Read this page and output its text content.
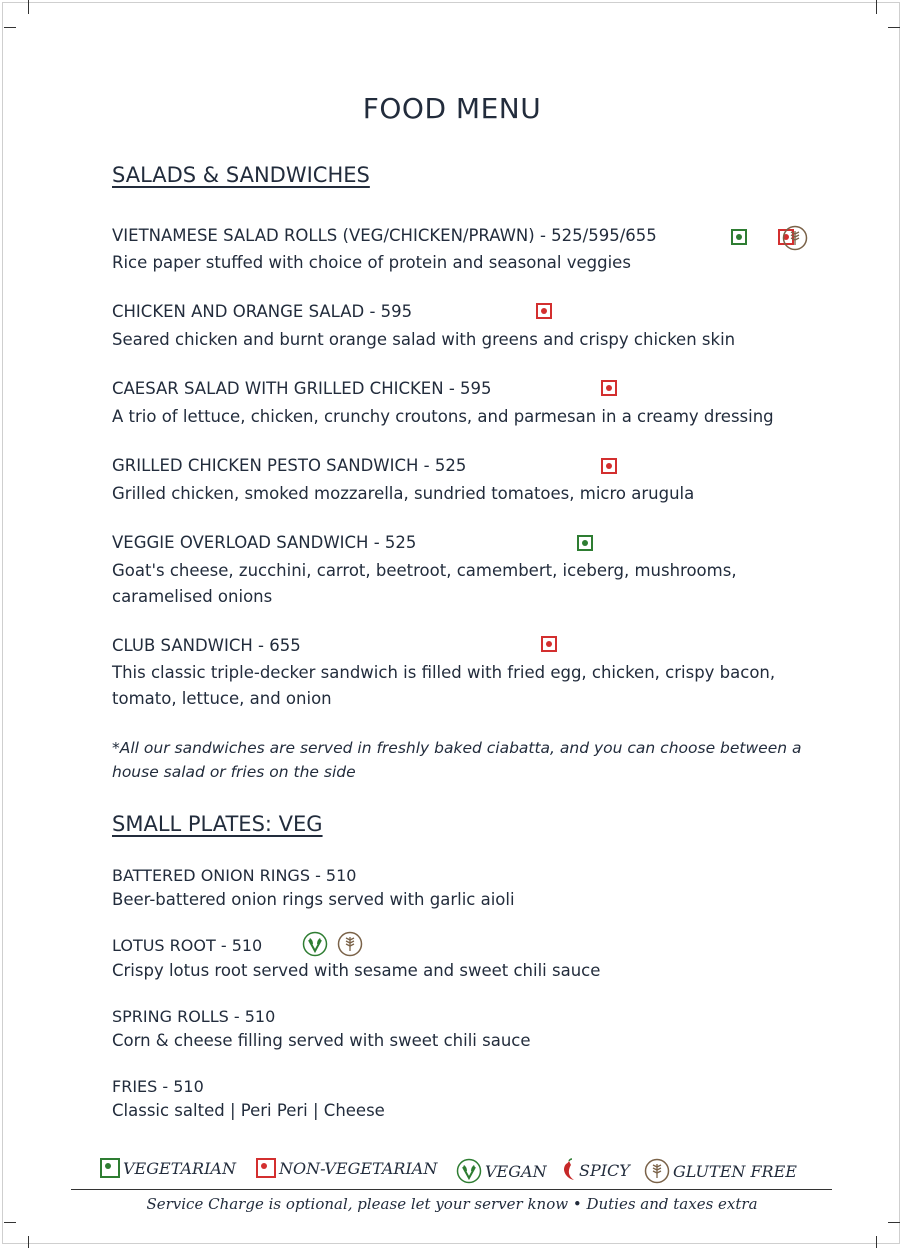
FOOD MENU
SALADS & SANDWICHES
VIETNAMESE SALAD ROLLS (VEG/CHICKEN/PRAWN) - 525/595/655

Rice paper stuffed with choice of protein and seasonal veggies
CHICKEN AND ORANGE SALAD - 595

Seared chicken and burnt orange salad with greens and crispy chicken skin
CAESAR SALAD WITH GRILLED CHICKEN - 595

A trio of lettuce, chicken, crunchy croutons, and parmesan in a creamy dressing
GRILLED CHICKEN PESTO SANDWICH - 525

Grilled chicken, smoked mozzarella, sundried tomatoes, micro arugula
VEGGIE OVERLOAD SANDWICH - 525

Goat's cheese, zucchini, carrot, beetroot, camembert, iceberg, mushrooms, caramelised onions
CLUB SANDWICH - 655
This classic triple-decker sandwich is filled with fried egg, chicken, crispy bacon, tomato, lettuce, and onion
*All our sandwiches are served in freshly baked ciabatta, and you can choose between a house salad or fries on the side
SMALL PLATES: VEG
BATTERED ONION RINGS - 510
Beer-battered onion rings served with garlic aioli
LOTUS ROOT - 510
Crispy lotus root served with sesame and sweet chili sauce
SPRING ROLLS - 510
Corn & cheese filling served with sweet chili sauce
FRIES - 510
Classic salted | Peri Peri | Cheese
VEGETARIAN	NON-VEGETARIAN	VEGAN SPICY	GLUTEN FREE
Service Charge is optional, please let your server know • Duties and taxes extra
